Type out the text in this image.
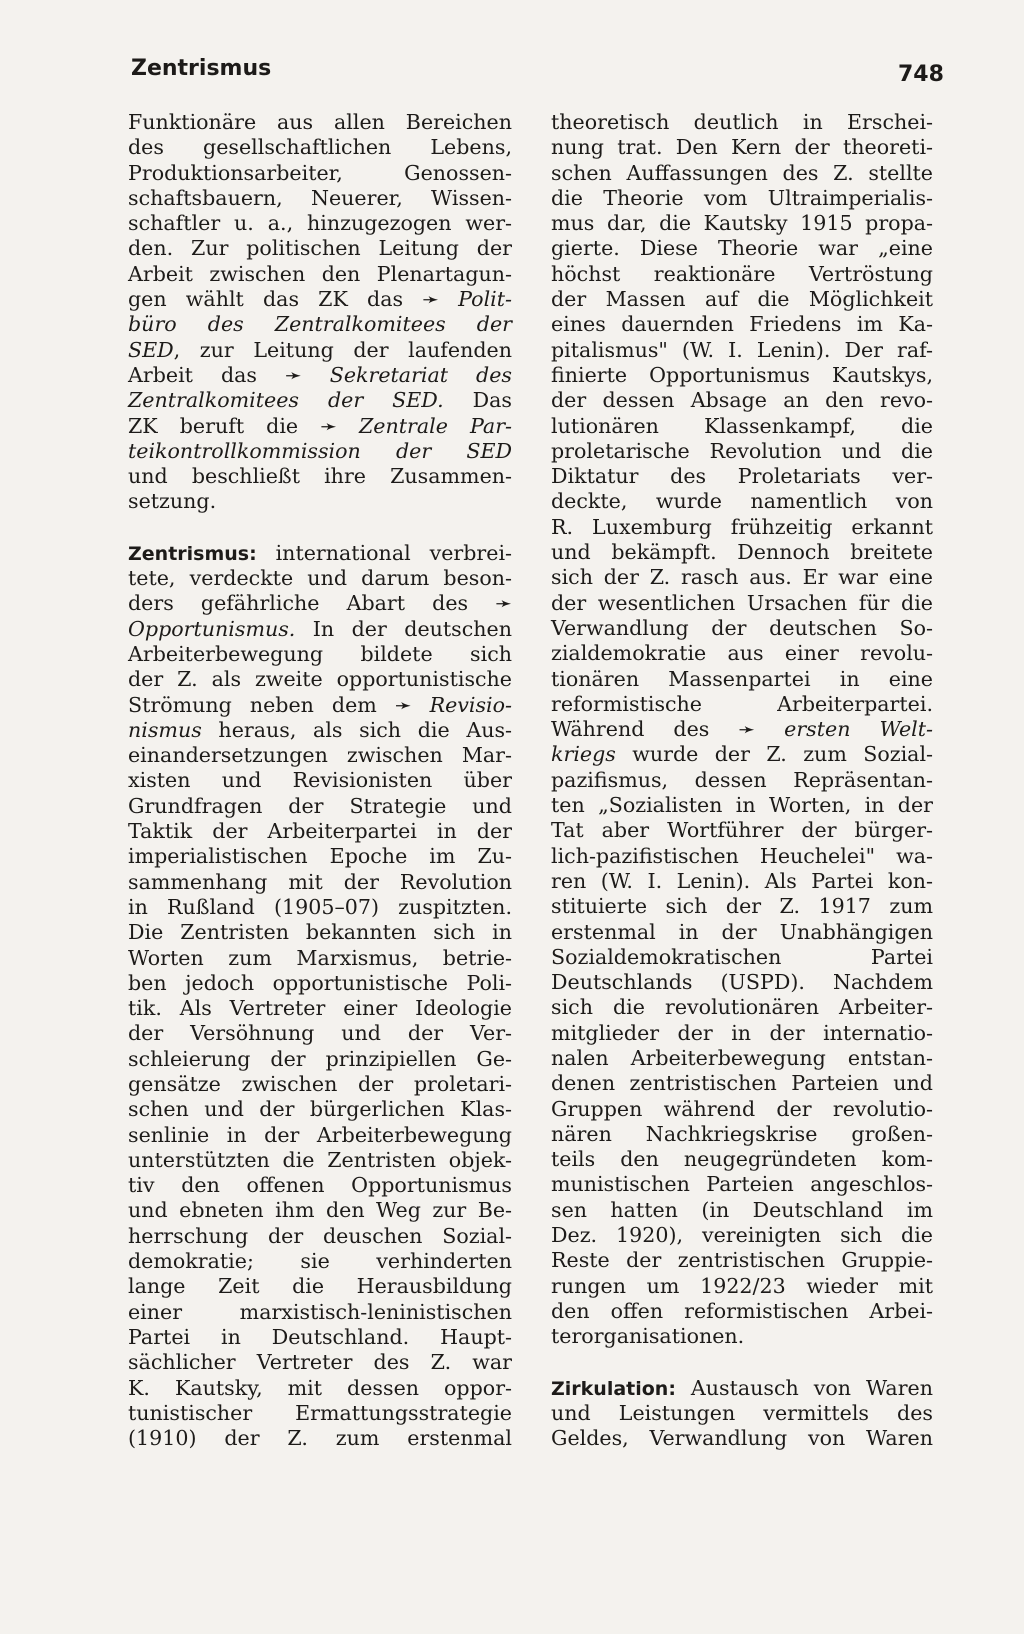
Zentrismus	748
Funktionäre aus allen Bereichen
des gesellschaftlichen Lebens,
Produktionsarbeiter, Genossen-
schaftsbauern, Neuerer, Wissen-
schaftler u. a., hinzugezogen wer-
den. Zur politischen Leitung der
Arbeit zwischen den Plenartagun-
gen wählt das ZK das ➛ Polit-
büro des Zentralkomitees der
SED, zur Leitung der laufenden
Arbeit das ➛ Sekretariat des
Zentralkomitees der SED. Das
ZK beruft die ➛ Zentrale Par-
teikontrollkommission der SED
und beschließt ihre Zusammen-
setzung.
Zentrismus: international verbrei-
tete, verdeckte und darum beson-
ders gefährliche Abart des ➛
Opportunismus. In der deutschen
Arbeiterbewegung bildete sich
der Z. als zweite opportunistische
Strömung neben dem ➛ Revisio-
nismus heraus, als sich die Aus-
einandersetzungen zwischen Mar-
xisten und Revisionisten über
Grundfragen der Strategie und
Taktik der Arbeiterpartei in der
imperialistischen Epoche im Zu-
sammenhang mit der Revolution
in Rußland (1905–07) zuspitzten.
Die Zentristen bekannten sich in
Worten zum Marxismus, betrie-
ben jedoch opportunistische Poli-
tik. Als Vertreter einer Ideologie
der Versöhnung und der Ver-
schleierung der prinzipiellen Ge-
gensätze zwischen der proletari-
schen und der bürgerlichen Klas-
senlinie in der Arbeiterbewegung
unterstützten die Zentristen objek-
tiv den offenen Opportunismus
und ebneten ihm den Weg zur Be-
herrschung der deuschen Sozial-
demokratie; sie verhinderten
lange Zeit die Herausbildung
einer marxistisch-leninistischen
Partei in Deutschland. Haupt-
sächlicher Vertreter des Z. war
K. Kautsky, mit dessen oppor-
tunistischer Ermattungsstrategie
(1910) der Z. zum erstenmal
theoretisch deutlich in Erschei-
nung trat. Den Kern der theoreti-
schen Auffassungen des Z. stellte
die Theorie vom Ultraimperialis-
mus dar, die Kautsky 1915 propa-
gierte. Diese Theorie war „eine
höchst reaktionäre Vertröstung
der Massen auf die Möglichkeit
eines dauernden Friedens im Ka-
pitalismus" (W. I. Lenin). Der raf-
finierte Opportunismus Kautskys,
der dessen Absage an den revo-
lutionären Klassenkampf, die
proletarische Revolution und die
Diktatur des Proletariats ver-
deckte, wurde namentlich von
R. Luxemburg frühzeitig erkannt
und bekämpft. Dennoch breitete
sich der Z. rasch aus. Er war eine
der wesentlichen Ursachen für die
Verwandlung der deutschen So-
zialdemokratie aus einer revolu-
tionären Massenpartei in eine
reformistische Arbeiterpartei.
Während des ➛ ersten Welt-
kriegs wurde der Z. zum Sozial-
pazifismus, dessen Repräsentan-
ten „Sozialisten in Worten, in der
Tat aber Wortführer der bürger-
lich-pazifistischen Heuchelei" wa-
ren (W. I. Lenin). Als Partei kon-
stituierte sich der Z. 1917 zum
erstenmal in der Unabhängigen
Sozialdemokratischen Partei
Deutschlands (USPD). Nachdem
sich die revolutionären Arbeiter-
mitglieder der in der internatio-
nalen Arbeiterbewegung entstan-
denen zentristischen Parteien und
Gruppen während der revolutio-
nären Nachkriegskrise großen-
teils den neugegründeten kom-
munistischen Parteien angeschlos-
sen hatten (in Deutschland im
Dez. 1920), vereinigten sich die
Reste der zentristischen Gruppie-
rungen um 1922/23 wieder mit
den offen reformistischen Arbei-
terorganisationen.
Zirkulation: Austausch von Waren
und Leistungen vermittels des
Geldes, Verwandlung von Waren
